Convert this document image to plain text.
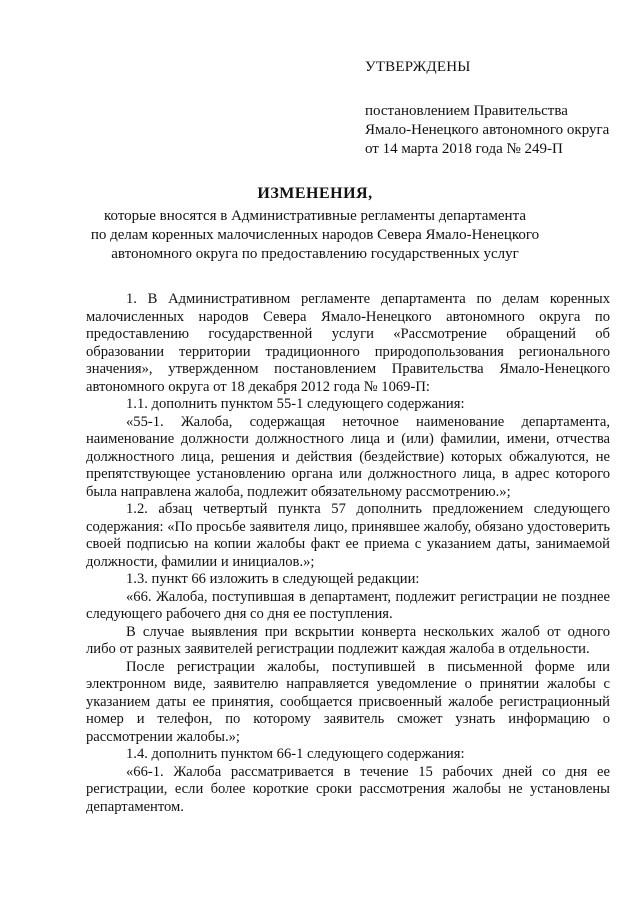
УТВЕРЖДЕНЫ
постановлением Правительства
Ямало-Ненецкого автономного округа
от 14 марта 2018 года № 249-П
ИЗМЕНЕНИЯ,
которые вносятся в Административные регламенты департамента
по делам коренных малочисленных народов Севера Ямало-Ненецкого
автономного округа по предоставлению государственных услуг

1. В Административном регламенте департамента по делам коренных малочисленных народов Севера Ямало-Ненецкого автономного округа по предоставлению государственной услуги «Рассмотрение обращений об образовании территории традиционного природопользования регионального значения», утвержденном постановлением Правительства Ямало-Ненецкого автономного округа от 18 декабря 2012 года № 1069-П:

1.1. дополнить пунктом 55-1 следующего содержания:

«55-1. Жалоба, содержащая неточное наименование департамента, наименование должности должностного лица и (или) фамилии, имени, отчества должностного лица, решения и действия (бездействие) которых обжалуются, не препятствующее установлению органа или должностного лица, в адрес которого была направлена жалоба, подлежит обязательному рассмотрению.»;

1.2. абзац четвертый пункта 57 дополнить предложением следующего содержания: «По просьбе заявителя лицо, принявшее жалобу, обязано удостоверить своей подписью на копии жалобы факт ее приема с указанием даты, занимаемой должности, фамилии и инициалов.»;

1.3. пункт 66 изложить в следующей редакции:

«66. Жалоба, поступившая в департамент, подлежит регистрации не позднее следующего рабочего дня со дня ее поступления.

В случае выявления при вскрытии конверта нескольких жалоб от одного либо от разных заявителей регистрации подлежит каждая жалоба в отдельности.

После регистрации жалобы, поступившей в письменной форме или электронном виде, заявителю направляется уведомление о принятии жалобы с указанием даты ее принятия, сообщается присвоенный жалобе регистрационный номер и телефон, по которому заявитель сможет узнать информацию о рассмотрении жалобы.»;

1.4. дополнить пунктом 66-1 следующего содержания:

«66-1. Жалоба рассматривается в течение 15 рабочих дней со дня ее регистрации, если более короткие сроки рассмотрения жалобы не установлены департаментом.
